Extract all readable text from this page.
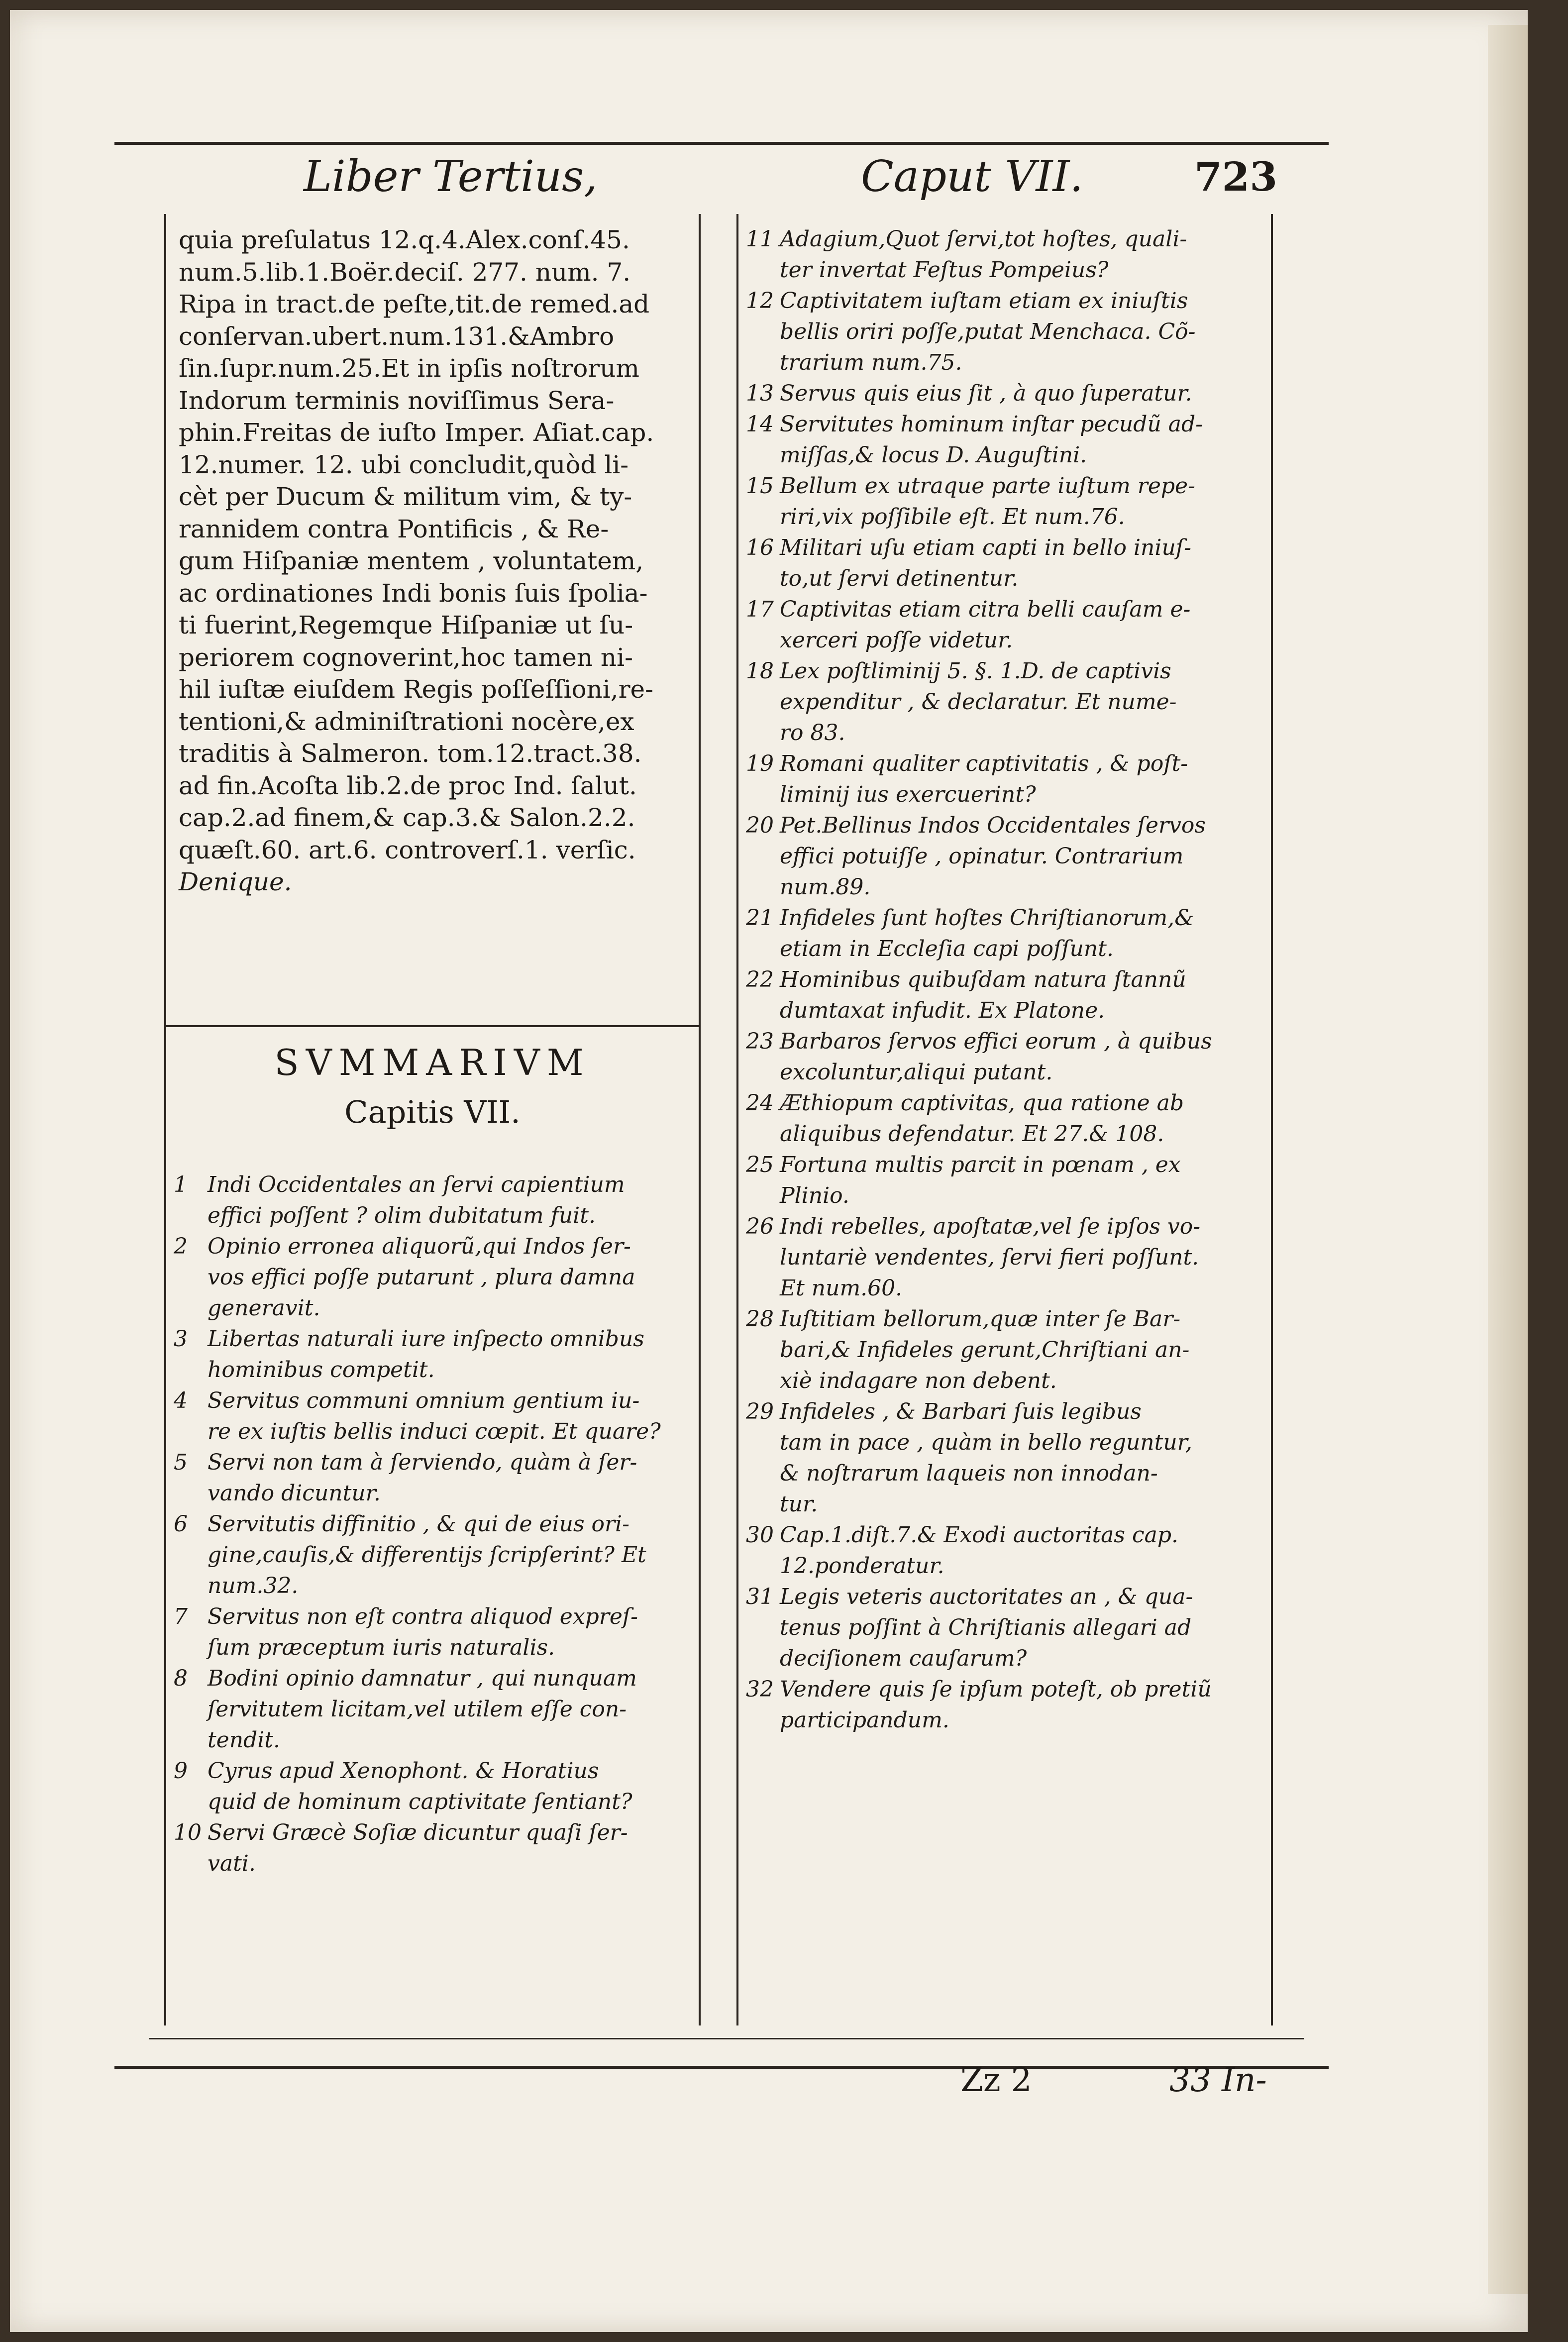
Liber Tertius,	Caput VII.	723
quia preſulatus 12.q.4.Alex.conſ.45.
num.5.lib.1.Boër.deciſ. 277. num. 7.
Ripa in tract.de peſte,tit.de remed.ad
conſervan.ubert.num.131.&Ambro
ſin.ſupr.num.25.Et in ipſis noſtrorum
Indorum terminis noviſſimus Sera-
phin.Freitas de iuſto Imper. Aſiat.cap.
12.numer. 12. ubi concludit,quòd li-
cèt per Ducum & militum vim, & ty-
rannidem contra Pontificis , & Re-
gum Hiſpaniæ mentem , voluntatem,
ac ordinationes Indi bonis ſuis ſpolia-
ti fuerint,Regemque Hiſpaniæ ut ſu-
periorem cognoverint,hoc tamen ni-
hil iuſtæ eiuſdem Regis poſſeſſioni,re-
tentioni,& adminiſtrationi nocère,ex
traditis à Salmeron. tom.12.tract.38.
ad fin.Acoſta lib.2.de proc Ind. ſalut.
cap.2.ad finem,& cap.3.& Salon.2.2.
quæſt.60. art.6. controverſ.1. verſic.
Denique.
SVMMARIVM
Capitis VII.
1 Indi Occidentales an ſervi capientium
effici poſſent ? olim dubitatum fuit.
2 Opinio erronea aliquorũ,qui Indos ſer-
vos effici poſſe putarunt , plura damna
generavit.
3 Libertas naturali iure inſpecto omnibus
hominibus competit.
4 Servitus communi omnium gentium iu-
re ex iuſtis bellis induci cœpit. Et quare?
5 Servi non tam à ſerviendo, quàm à ſer-
vando dicuntur.
6 Servitutis diffinitio , & qui de eius ori-
gine,cauſis,& differentijs ſcripſerint? Et
num.32.
7 Servitus non eſt contra aliquod expreſ-
ſum præceptum iuris naturalis.
8 Bodini opinio damnatur , qui nunquam
ſervitutem licitam,vel utilem eſſe con-
tendit.
9 Cyrus apud Xenophont. & Horatius
quid de hominum captivitate ſentiant?
10 Servi Græcè Soſiæ dicuntur quaſi ſer-
vati.
11 Adagium,Quot ſervi,tot hoſtes, quali-
ter invertat Feſtus Pompeius?
12 Captivitatem iuſtam etiam ex iniuſtis
bellis oriri poſſe,putat Menchaca. Cõ-
trarium num.75.
13 Servus quis eius ſit , à quo ſuperatur.
14 Servitutes hominum inſtar pecudũ ad-
miſſas,& locus D. Auguſtini.
15 Bellum ex utraque parte iuſtum repe-
riri,vix poſſibile eſt. Et num.76.
16 Militari uſu etiam capti in bello iniuſ-
to,ut ſervi detinentur.
17 Captivitas etiam citra belli cauſam e-
xerceri poſſe videtur.
18 Lex poſtliminij 5. §. 1.D. de captivis
expenditur , & declaratur. Et nume-
ro 83.
19 Romani qualiter captivitatis , & poſt-
liminij ius exercuerint?
20 Pet.Bellinus Indos Occidentales ſervos
effici potuiſſe , opinatur. Contrarium
num.89.
21 Infideles ſunt hoſtes Chriſtianorum,&
etiam in Eccleſia capi poſſunt.
22 Hominibus quibuſdam natura ſtannũ
dumtaxat infudit. Ex Platone.
23 Barbaros ſervos effici eorum , à quibus
excoluntur,aliqui putant.
24 Æthiopum captivitas, qua ratione ab
aliquibus defendatur. Et 27.& 108.
25 Fortuna multis parcit in pœnam , ex
Plinio.
26 Indi rebelles, apoſtatæ,vel ſe ipſos vo-
luntariè vendentes, ſervi fieri poſſunt.
Et num.60.
28 Iuſtitiam bellorum,quæ inter ſe Bar-
bari,& Infideles gerunt,Chriſtiani an-
xiè indagare non debent.
29 Infideles , & Barbari ſuis legibus
tam in pace , quàm in bello reguntur,
& noſtrarum laqueis non innodan-
tur.
30 Cap.1.diſt.7.& Exodi auctoritas cap.
12.ponderatur.
31 Legis veteris auctoritates an , & qua-
tenus poſſint à Chriſtianis allegari ad
deciſionem cauſarum?
32 Vendere quis ſe ipſum poteſt, ob pretiũ
participandum.
Zz 2	33 In-
